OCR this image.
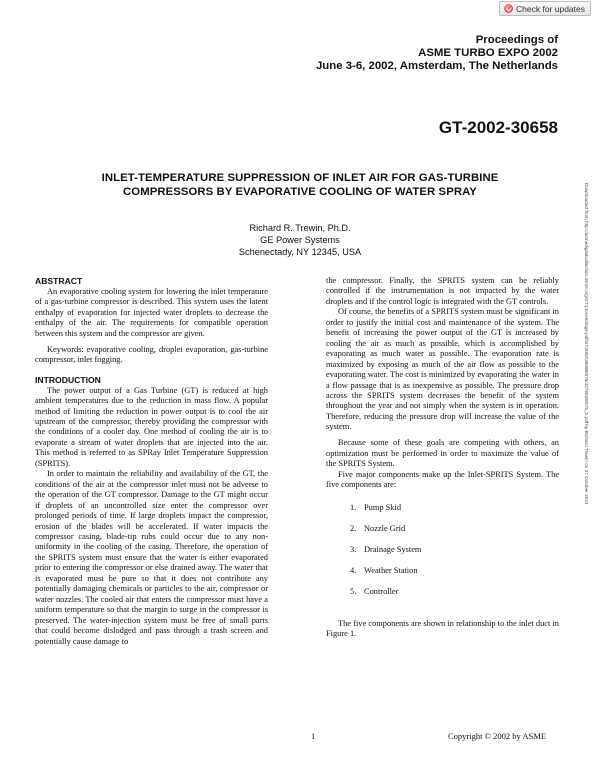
Check for updates
Proceedings of
ASME TURBO EXPO 2002
June 3-6, 2002, Amsterdam, The Netherlands
GT-2002-30658
INLET-TEMPERATURE SUPPRESSION OF INLET AIR FOR GAS-TURBINE
COMPRESSORS BY EVAPORATIVE COOLING OF WATER SPRAY
Richard R. Trewin, Ph.D.
GE Power Systems
Schenectady, NY 12345, USA	Downloaded from http://asmedigitalcollection.asme.org/GT/proceedings-pdf/GT2002/36088/575/4276618/575_1.pdf by Richard Trewin on 27 October 2021
ABSTRACT

An evaporative cooling system for lowering the inlet temperature of a gas-turbine compressor is described. This system uses the latent enthalpy of evaporation for injected water droplets to decrease the enthalpy of the air. The requirements for compatible operation between this system and the compressor are given.

Keywords: evaporative cooling, droplet evaporation, gas-turbine compressor, inlet fogging.

INTRODUCTION

The power output of a Gas Turbine (GT) is reduced at high ambient temperatures due to the reduction in mass flow. A popular method of limiting the reduction in power output is to cool the air upstream of the compressor, thereby providing the compressor with the conditions of a cooler day. One method of cooling the air is to evaporate a stream of water droplets that are injected into the air. This method is referred to as SPRay Inlet Temperature Suppression (SPRITS).

In order to maintain the reliability and availability of the GT, the conditions of the air at the compressor inlet must not be adverse to the operation of the GT compressor. Damage to the GT might occur if droplets of an uncontrolled size enter the compressor over prolonged periods of time. If large droplets impact the compressor, erosion of the blades will be accelerated. If water impacts the compressor casing, blade-tip rubs could occur due to any non-uniformity in the cooling of the casing. Therefore, the operation of the SPRITS system must ensure that the water is either evaporated prior to entering the compressor or else drained away. The water that is evaporated must be pure so that it does not contribute any potentially damaging chemicals or particles to the air, compressor or water nozzles. The cooled air that enters the compressor must have a uniform temperature so that the margin to surge in the compressor is preserved. The water-injection system must be free of small parts that could become dislodged and pass through a trash screen and potentially cause damage to

the compressor. Finally, the SPRITS system can be reliably controlled if the instrumentation is not impacted by the water droplets and if the control logic is integrated with the GT controls.

Of course, the benefits of a SPRITS system must be significant in order to justify the initial cost and maintenance of the system. The benefit of increasing the power output of the GT is increased by cooling the air as much as possible, which is accomplished by evaporating as much water as possible. The evaporation rate is maximized by exposing as much of the air flow as possible to the evaporating water. The cost is minimized by evaporating the water in a flow passage that is as inexpensive as possible. The pressure drop across the SPRITS system decreases the benefit of the system throughout the year and not simply when the system is in operation. Therefore, reducing the pressure drop will increase the value of the system.

Because some of these goals are competing with others, an optimization must be performed in order to maximize the value of the SPRITS System.

Five major components make up the Inlet-SPRITS System. The five components are:

1. Pump Skid
2. Nozzle Grid
3. Drainage System
4. Weather Station
5. Controller

The five components are shown in relationship to the inlet duct in Figure 1.

1	Copyright © 2002 by ASME
